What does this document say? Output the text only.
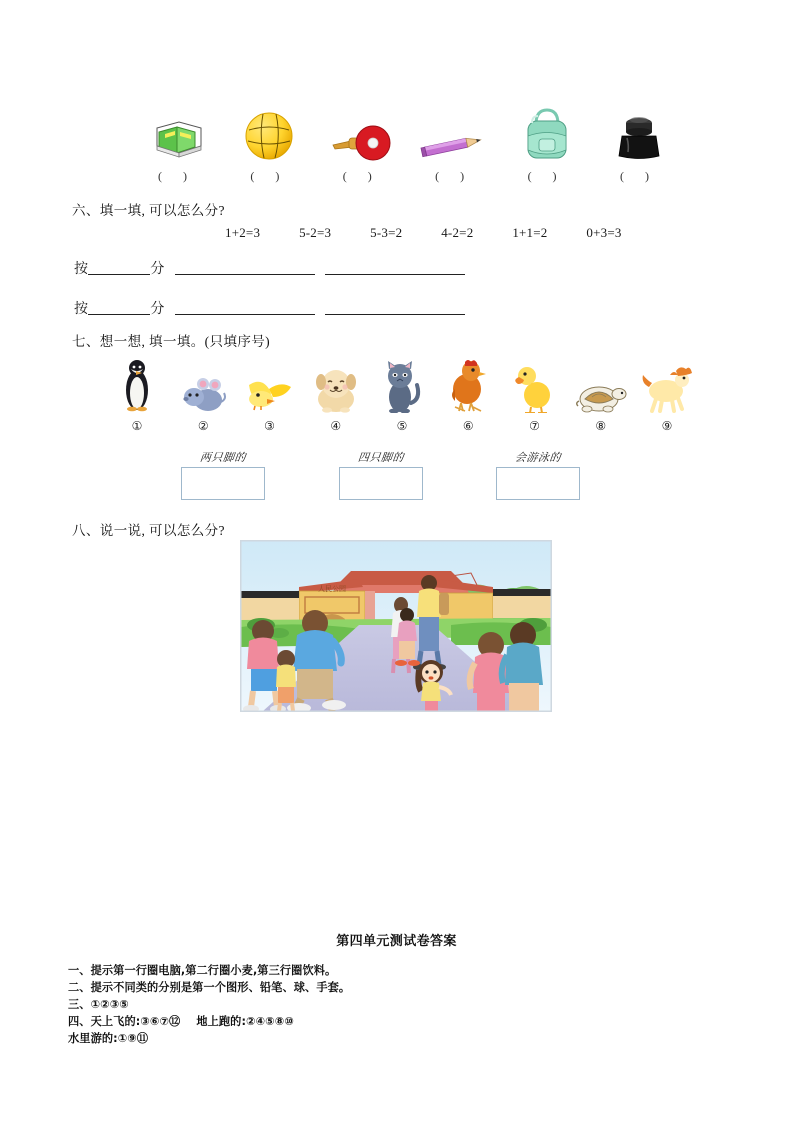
( )	( )	( )	( )	( )	( )
六、填一填, 可以怎么分?
1+2=3	5-2=3	5-3=2	4-2=2	1+1=2	0+3=3
按	分
按	分
七、想一想, 填一填。(只填序号)
①	②	③	④	⑤	⑥	⑦	⑧	⑨
两只脚的	四只脚的	会游泳的
八、说一说, 可以怎么分?
人民公园
第四单元测试卷答案
一、提示第一行圈电脑,第二行圈小麦,第三行圈饮料。
二、提示不同类的分别是第一个图形、铅笔、球、手套。
三、①②③⑤
四、天上飞的:③⑥⑦⑫ 地上跑的:②④⑤⑧⑩
水里游的:①⑨⑪
